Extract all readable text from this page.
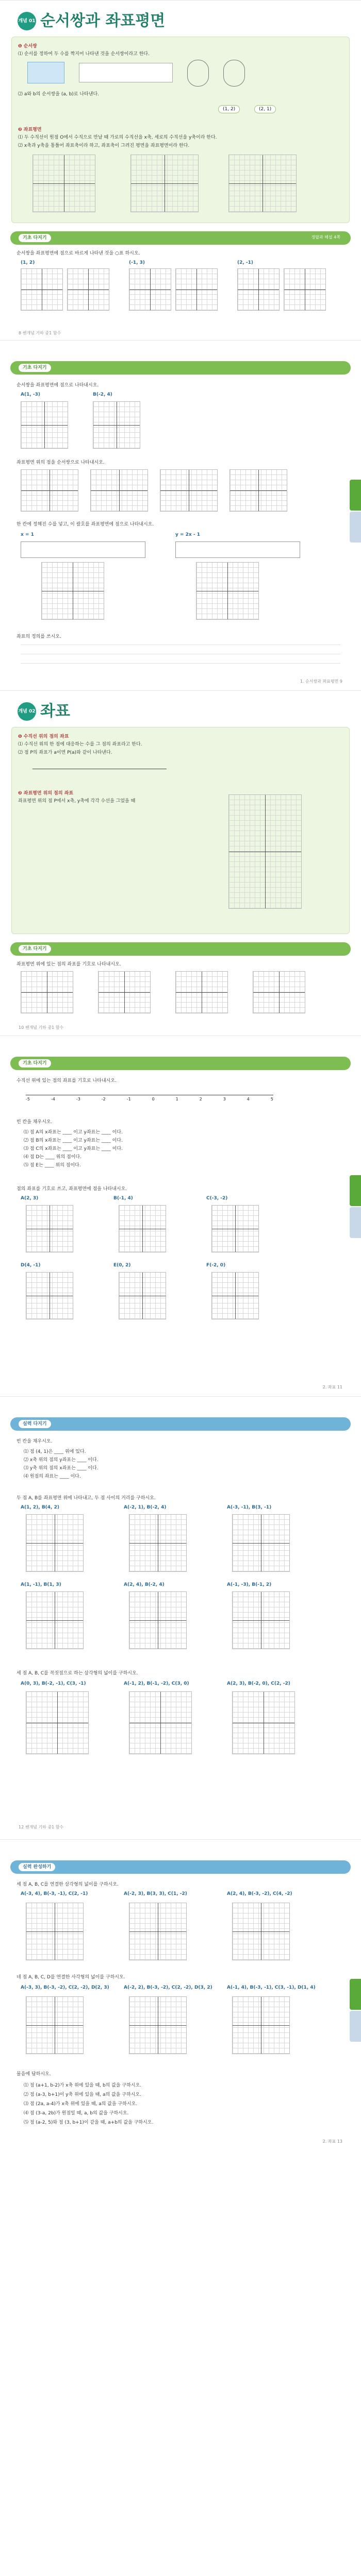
개념 01 순서쌍과 좌표평면
❶ 순서쌍
⑴ 순서를 정하여 두 수를 짝지어 나타낸 것을 순서쌍이라고 한다.
⑵ a와 b의 순서쌍을 (a, b)로 나타낸다.
(1, 2)	(2, 1)
❷ 좌표평면
⑴ 두 수직선이 원점 O에서 수직으로 만날 때 가로의 수직선을 x축, 세로의 수직선을 y축이라 한다.
⑵ x축과 y축을 통틀어 좌표축이라 하고, 좌표축이 그려진 평면을 좌표평면이라 한다.
기초 다지기	정답과 해설 4쪽
순서쌍을 좌표평면에 점으로 바르게 나타낸 것을 ○표 하시오.
(1, 2)	(-1, 3)	(2, -1)
8 쎈개념 기하 중1 함수
기초 다지기
순서쌍을 좌표평면에 점으로 나타내시오.
A(1, -3)	B(-2, 4)
좌표평면 위의 점을 순서쌍으로 나타내시오.
한 칸에 정해진 수를 넣고, 이 괄호를 좌표평면에 점으로 나타내시오.
x = 1	y = 2x - 1
좌표의 정의를 쓰시오.
1. 순서쌍과 좌표평면 9
개념 02 좌표
❶ 수직선 위의 점의 좌표
⑴ 수직선 위의 한 점에 대응하는 수를 그 점의 좌표라고 한다.
⑵ 점 P의 좌표가 a이면 P(a)와 같이 나타낸다.
❷ 좌표평면 위의 점의 좌표
좌표평면 위의 점 P에서 x축, y축에 각각 수선을 그었을 때
기초 다지기
좌표평면 위에 있는 점의 좌표를 기호로 나타내시오.
10 쎈개념 기하 중1 함수
기초 다지기
수직선 위에 있는 점의 좌표를 기호로 나타내시오.
-5	-4	-3	-2	-1	0	1	2	3	4	5
빈 칸을 채우시오.
⑴ 점 A의 x좌표는 ____ 이고 y좌표는 ____ 이다.
⑵ 점 B의 x좌표는 ____ 이고 y좌표는 ____ 이다.
⑶ 점 C의 x좌표는 ____ 이고 y좌표는 ____ 이다.
⑷ 점 D는 ____ 위의 점이다.
⑸ 점 E는 ____ 위의 점이다.
점의 좌표를 기호로 쓰고, 좌표평면에 점을 나타내시오.
A(2, 3)	B(-1, 4)	C(-3, -2)
D(4, -1)	E(0, 2)	F(-2, 0)
2. 좌표 11
실력 다지기
빈 칸을 채우시오.
⑴ 점 (4, 1)은 ____ 위에 있다.
⑵ x축 위의 점의 y좌표는 ____ 이다.
⑶ y축 위의 점의 x좌표는 ____ 이다.
⑷ 원점의 좌표는 ____ 이다.
두 점 A, B를 좌표평면 위에 나타내고, 두 점 사이의 거리를 구하시오.
A(1, 2), B(4, 2)	A(-2, 1), B(-2, 4)	A(-3, -1), B(3, -1)
A(1, -1), B(1, 3)	A(2, 4), B(-2, 4)	A(-1, -3), B(-1, 2)
세 점 A, B, C를 꼭짓점으로 하는 삼각형의 넓이를 구하시오.
A(0, 3), B(-2, -1), C(3, -1)	A(-1, 2), B(-1, -2), C(3, 0)	A(2, 3), B(-2, 0), C(2, -2)
12 쎈개념 기하 중1 함수
실력 완성하기
세 점 A, B, C를 연결한 삼각형의 넓이를 구하시오.
A(-3, 4), B(-3, -1), C(2, -1)	A(-2, 3), B(3, 3), C(1, -2)	A(2, 4), B(-3, -2), C(4, -2)
네 점 A, B, C, D를 연결한 사각형의 넓이를 구하시오.
A(-3, 3), B(-3, -2), C(2, -2), D(2, 3)	A(-2, 2), B(-3, -2), C(2, -2), D(3, 2)	A(-1, 4), B(-3, -1), C(3, -1), D(1, 4)
물음에 답하시오.
⑴ 점 (a+1, b-2)가 x축 위에 있을 때, b의 값을 구하시오.
⑵ 점 (a-3, b+1)이 y축 위에 있을 때, a의 값을 구하시오.
⑶ 점 (2a, a-4)가 x축 위에 있을 때, a의 값을 구하시오.
⑷ 점 (3-a, 2b)가 원점일 때, a, b의 값을 구하시오.
⑸ 점 (a-2, 5)와 점 (3, b+1)이 같을 때, a+b의 값을 구하시오.
2. 좌표 13
